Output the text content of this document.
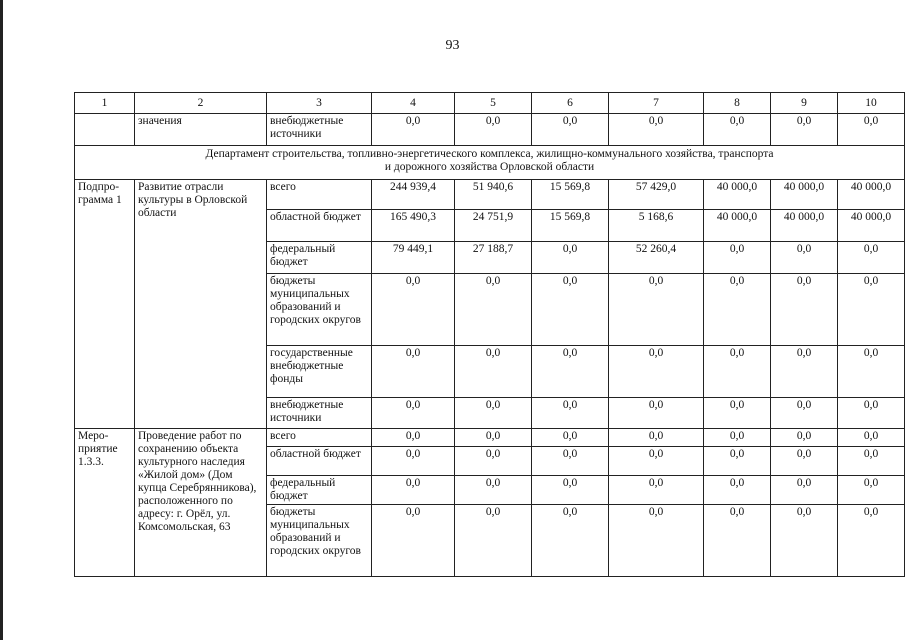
93
1	2	3	4	5	6	7	8	9	10
	значения	внебюджетные источники	0,0	0,0	0,0	0,0	0,0	0,0	0,0

Департамент строительства, топливно-энергетического комплекса, жилищно-коммунального хозяйства, транспорта
и дорожного хозяйства Орловской области									

Подпро-грамма 1	Развитие отрасли культуры в Орловской области	всего	244 939,4	51 940,6	15 569,8	57 429,0	40 000,0	40 000,0	40 000,0
		областной бюджет	165 490,3	24 751,9	15 569,8	5 168,6	40 000,0	40 000,0	40 000,0
		федеральный бюджет	79 449,1	27 188,7	0,0	52 260,4	0,0	0,0	0,0
		бюджеты муниципальных образований и городских округов	0,0	0,0	0,0	0,0	0,0	0,0	0,0
		государственные внебюджетные фонды	0,0	0,0	0,0	0,0	0,0	0,0	0,0
		внебюджетные источники	0,0	0,0	0,0	0,0	0,0	0,0	0,0
Меро-приятие 1.3.3.	Проведение работ по сохранению объекта культурного наследия «Жилой дом» (Дом купца Серебрянникова), расположенного по адресу: г. Орёл, ул. Комсомольская, 63	всего	0,0	0,0	0,0	0,0	0,0	0,0	0,0
		областной бюджет	0,0	0,0	0,0	0,0	0,0	0,0	0,0
		федеральный бюджет	0,0	0,0	0,0	0,0	0,0	0,0	0,0
		бюджеты муниципальных образований и городских округов	0,0	0,0	0,0	0,0	0,0	0,0	0,0
